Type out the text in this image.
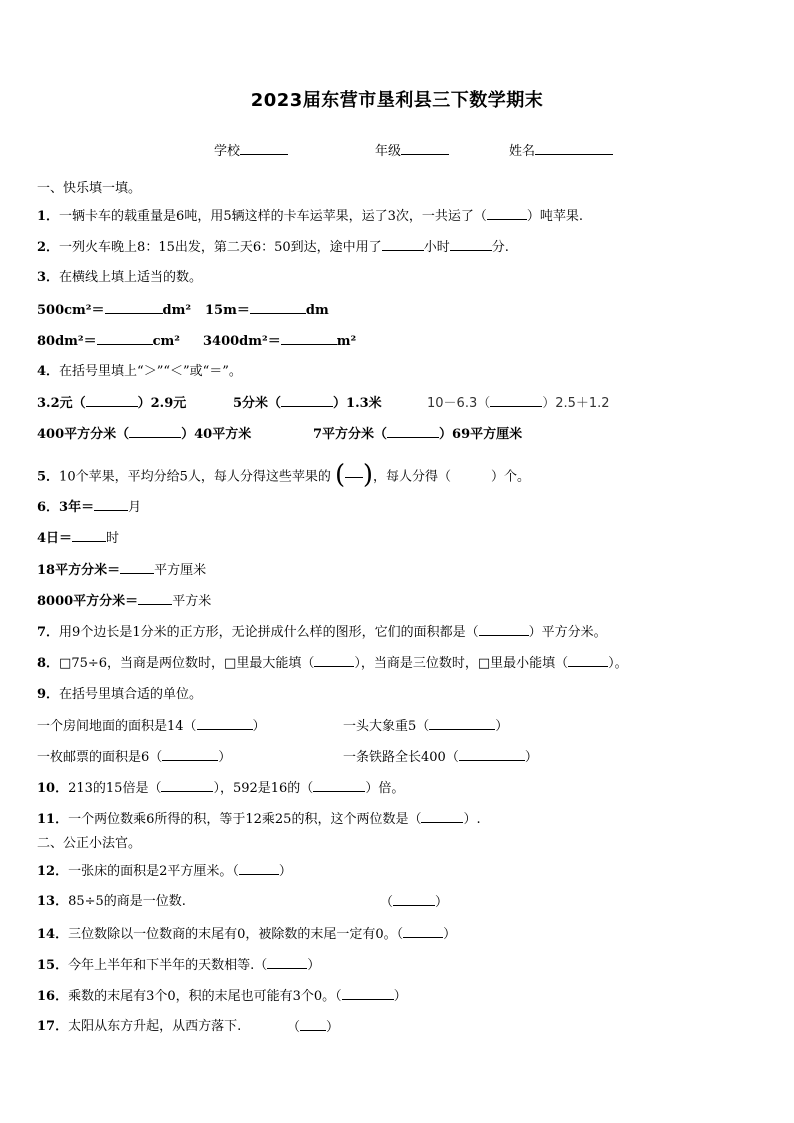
2023届东营市垦利县三下数学期末
学校	年级	姓名
一、快乐填一填。
1．一辆卡车的载重量是6吨，用5辆这样的卡车运苹果，运了3次，一共运了（	）吨苹果.
2．一列火车晚上8：15出发，第二天6：50到达，途中用了	小时	分.
3．在横线上填上适当的数。
500cm²＝	dm² 15m＝	dm
80dm²＝	cm² 3400dm²＝	m²
4．在括号里填上“＞”“＜”或“＝”。
3.2元（	）2.9元	5分米（	）1.3米	10－6.3（	）2.5＋1.2
400平方分米（	）40平方米	7平方分米（	）69平方厘米
5．10个苹果，平均分给5人，每人分得这些苹果的 ( ) ，每人分得（	）个。
6．3年＝	月
4日＝	时
18平方分米＝	平方厘米
8000平方分米＝	平方米
7．用9个边长是1分米的正方形，无论拼成什么样的图形，它们的面积都是（	）平方分米。
8．□75÷6，当商是两位数时，□里最大能填（	），当商是三位数时，□里最小能填（	）。
9．在括号里填合适的单位。
一个房间地面的面积是14（	）	一头大象重5（	）
一枚邮票的面积是6（	）	一条铁路全长400（	）
10．213的15倍是（	），592是16的（	）倍。
11．一个两位数乘6所得的积，等于12乘25的积，这个两位数是（	）.
二、公正小法官。
12．一张床的面积是2平方厘米。（	）
13．85÷5的商是一位数.	（	）
14．三位数除以一位数商的末尾有0，被除数的末尾一定有0。（	）
15．今年上半年和下半年的天数相等.（	）
16．乘数的末尾有3个0，积的末尾也可能有3个0。（	）
17．太阳从东方升起，从西方落下.	（ ）
